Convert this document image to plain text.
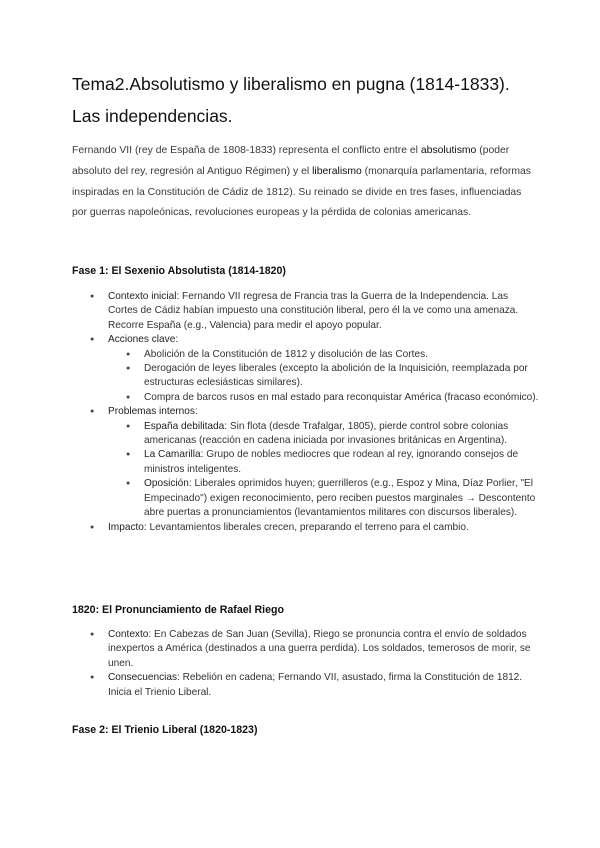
Tema2.Absolutismo y liberalismo en pugna (1814-1833). Las independencias.

Fernando VII (rey de España de 1808-1833) representa el conflicto entre el absolutismo (poder absoluto del rey, regresión al Antiguo Régimen) y el liberalismo (monarquía parlamentaria, reformas inspiradas en la Constitución de Cádiz de 1812). Su reinado se divide en tres fases, influenciadas por guerras napoleónicas, revoluciones europeas y la pérdida de colonias americanas.

Fase 1: El Sexenio Absolutista (1814-1820)
● Contexto inicial: Fernando VII regresa de Francia tras la Guerra de la Independencia. Las Cortes de Cádiz habían impuesto una constitución liberal, pero él la ve como una amenaza. Recorre España (e.g., Valencia) para medir el apoyo popular.
● Acciones clave:
● Abolición de la Constitución de 1812 y disolución de las Cortes.
● Derogación de leyes liberales (excepto la abolición de la Inquisición, reemplazada por estructuras eclesiásticas similares).
● Compra de barcos rusos en mal estado para reconquistar América (fracaso económico).
● Problemas internos:
● España debilitada: Sin flota (desde Trafalgar, 1805), pierde control sobre colonias americanas (reacción en cadena iniciada por invasiones británicas en Argentina).
● La Camarilla: Grupo de nobles mediocres que rodean al rey, ignorando consejos de ministros inteligentes.
● Oposición: Liberales oprimidos huyen; guerrilleros (e.g., Espoz y Mina, Díaz Porlier, "El Empecinado") exigen reconocimiento, pero reciben puestos marginales → Descontento abre puertas a pronunciamientos (levantamientos militares con discursos liberales).
● Impacto: Levantamientos liberales crecen, preparando el terreno para el cambio.
1820: El Pronunciamiento de Rafael Riego
● Contexto: En Cabezas de San Juan (Sevilla), Riego se pronuncia contra el envío de soldados inexpertos a América (destinados a una guerra perdida). Los soldados, temerosos de morir, se unen.
● Consecuencias: Rebelión en cadena; Fernando VII, asustado, firma la Constitución de 1812. Inicia el Trienio Liberal.
Fase 2: El Trienio Liberal (1820-1823)
